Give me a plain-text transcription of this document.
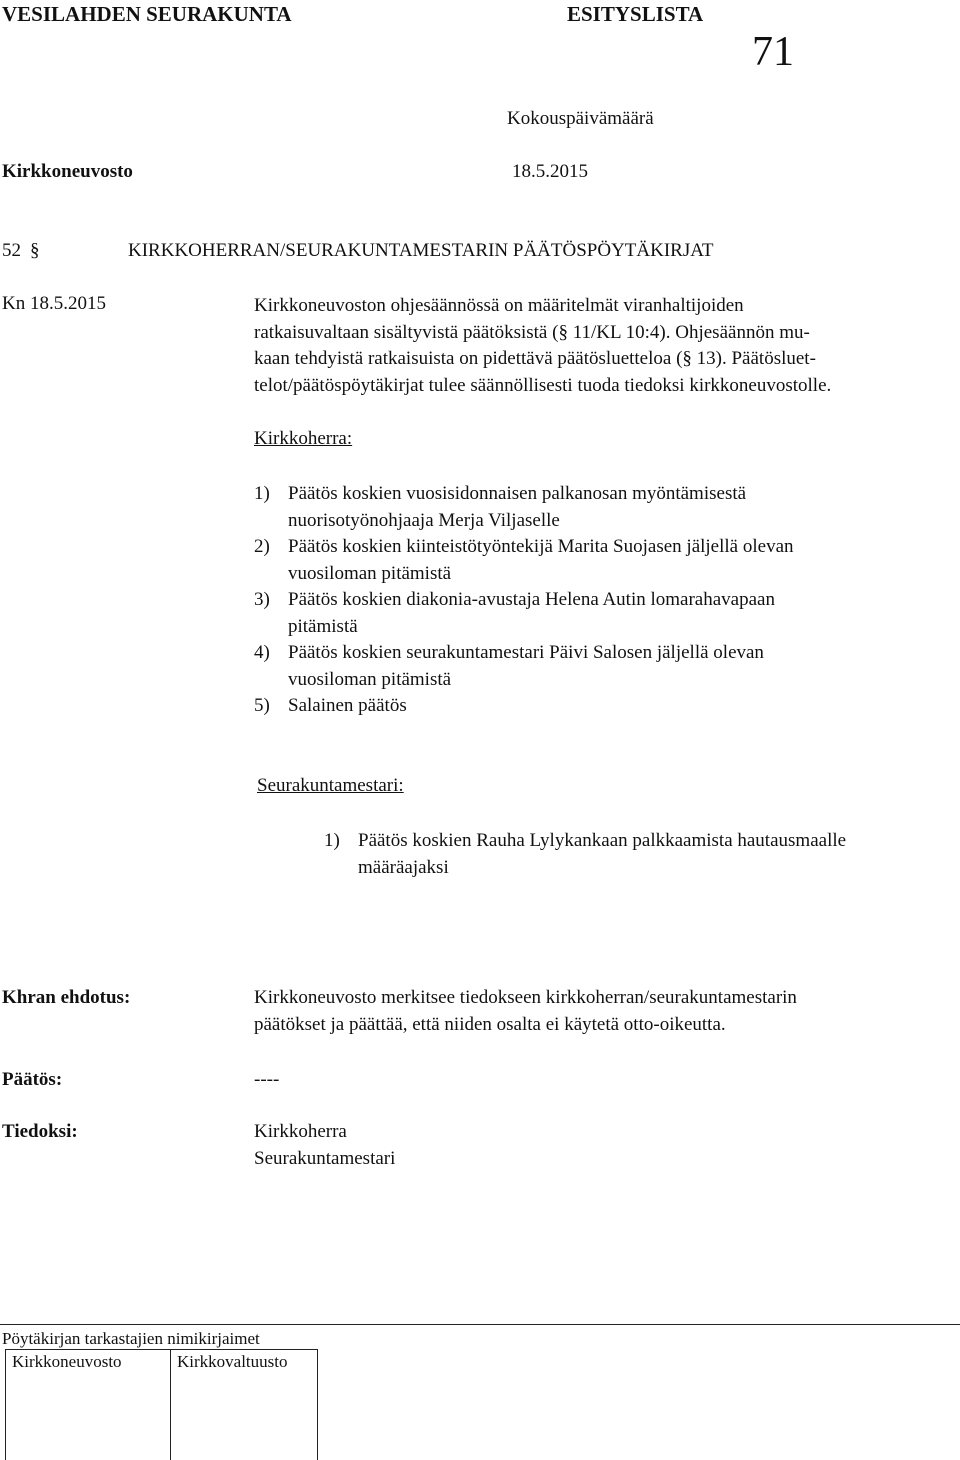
VESILAHDEN SEURAKUNTA	ESITYSLISTA
71
Kokouspäivämäärä
Kirkkoneuvosto	18.5.2015
52 §	KIRKKOHERRAN/SEURAKUNTAMESTARIN PÄÄTÖSPÖYTÄKIRJAT
Kn 18.5.2015	Kirkkoneuvoston ohjesäännössä on määritelmät viranhaltijoiden
ratkaisuvaltaan sisältyvistä päätöksistä (§ 11/KL 10:4). Ohjesäännön mu-
kaan tehdyistä ratkaisuista on pidettävä päätösluetteloa (§ 13). Päätösluet-
telot/päätöspöytäkirjat tulee säännöllisesti tuoda tiedoksi kirkkoneuvostolle.
Kirkkoherra:
1) Päätös koskien vuosisidonnaisen palkanosan myöntämisestä
nuorisotyönohjaaja Merja Viljaselle
2) Päätös koskien kiinteistötyöntekijä Marita Suojasen jäljellä olevan
vuosiloman pitämistä
3) Päätös koskien diakonia-avustaja Helena Autin lomarahavapaan
pitämistä
4) Päätös koskien seurakuntamestari Päivi Salosen jäljellä olevan
vuosiloman pitämistä
5) Salainen päätös
Seurakuntamestari:
1) Päätös koskien Rauha Lylykankaan palkkaamista hautausmaalle
määräajaksi
Khran ehdotus:	Kirkkoneuvosto merkitsee tiedokseen kirkkoherran/seurakuntamestarin
päätökset ja päättää, että niiden osalta ei käytetä otto-oikeutta.
Päätös:	----
Tiedoksi:	Kirkkoherra
Seurakuntamestari
Pöytäkirjan tarkastajien nimikirjaimet
Kirkkoneuvosto	Kirkkovaltuusto
